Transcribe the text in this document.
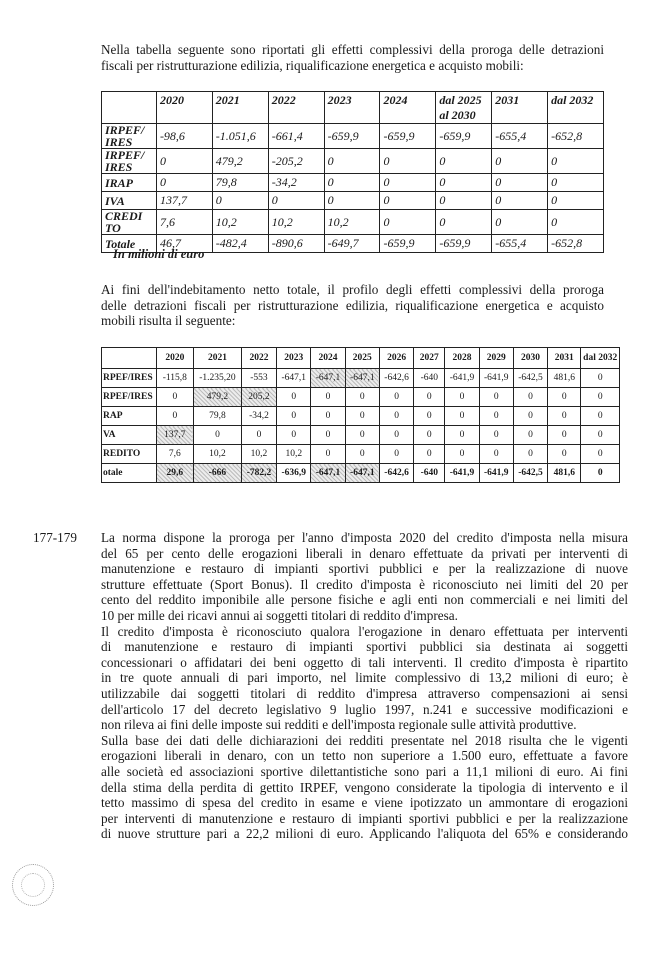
Nella tabella seguente sono riportati gli effetti complessivi della proroga delle detrazioni
fiscali per ristrutturazione edilizia, riqualificazione energetica e acquisto mobili:
	2020	2021	2022	2023	2024	dal 2025 al 2030	2031	dal 2032
IRPEF/ IRES	-98,6	-1.051,6	-661,4	-659,9	-659,9	-659,9	-655,4	-652,8
IRPEF/ IRES	0	479,2	-205,2	0	0	0	0	0
IRAP	0	79,8	-34,2	0	0	0	0	0
IVA	137,7	0	0	0	0	0	0	0
CREDI TO	7,6	10,2	10,2	10,2	0	0	0	0
Totale	46,7	-482,4	-890,6	-649,7	-659,9	-659,9	-655,4	-652,8
In milioni di euro
Ai fini dell'indebitamento netto totale, il profilo degli effetti complessivi della proroga
delle detrazioni fiscali per ristrutturazione edilizia, riqualificazione energetica e acquisto
mobili risulta il seguente:
	2020	2021	2022	2023	2024	2025	2026	2027	2028	2029	2030	2031	dal 2032
RPEF/IRES	-115,8	-1.235,20	-553	-647,1	-647,1	-647,1	-642,6	-640	-641,9	-641,9	-642,5	481,6	0
RPEF/IRES	0	479,2	205,2	0	0	0	0	0	0	0	0	0	0
RAP	0	79,8	-34,2	0	0	0	0	0	0	0	0	0	0
VA	137,7	0	0	0	0	0	0	0	0	0	0	0	0
REDITO	7,6	10,2	10,2	10,2	0	0	0	0	0	0	0	0	0
otale	29,6	-666	-782,2	-636,9	-647,1	-647,1	-642,6	-640	-641,9	-641,9	-642,5	481,6	0
177-179 La norma dispone la proroga per l'anno d'imposta 2020 del credito d'imposta nella misura
del 65 per cento delle erogazioni liberali in denaro effettuate da privati per interventi di
manutenzione e restauro di impianti sportivi pubblici e per la realizzazione di nuove
strutture effettuate (Sport Bonus). Il credito d'imposta è riconosciuto nei limiti del 20 per
cento del reddito imponibile alle persone fisiche e agli enti non commerciali e nei limiti del
10 per mille dei ricavi annui ai soggetti titolari di reddito d'impresa.
Il credito d'imposta è riconosciuto qualora l'erogazione in denaro effettuata per interventi
di manutenzione e restauro di impianti sportivi pubblici sia destinata ai soggetti
concessionari o affidatari dei beni oggetto di tali interventi. Il credito d'imposta è ripartito
in tre quote annuali di pari importo, nel limite complessivo di 13,2 milioni di euro; è
utilizzabile dai soggetti titolari di reddito d'impresa attraverso compensazioni ai sensi
dell'articolo 17 del decreto legislativo 9 luglio 1997, n.241 e successive modificazioni e
non rileva ai fini delle imposte sui redditi e dell'imposta regionale sulle attività produttive.
Sulla base dei dati delle dichiarazioni dei redditi presentate nel 2018 risulta che le vigenti
erogazioni liberali in denaro, con un tetto non superiore a 1.500 euro, effettuate a favore
alle società ed associazioni sportive dilettantistiche sono pari a 11,1 milioni di euro. Ai fini
della stima della perdita di gettito IRPEF, vengono considerate la tipologia di intervento e il
tetto massimo di spesa del credito in esame e viene ipotizzato un ammontare di erogazioni
per interventi di manutenzione e restauro di impianti sportivi pubblici e per la realizzazione
di nuove strutture pari a 22,2 milioni di euro. Applicando l'aliquota del 65% e considerando
